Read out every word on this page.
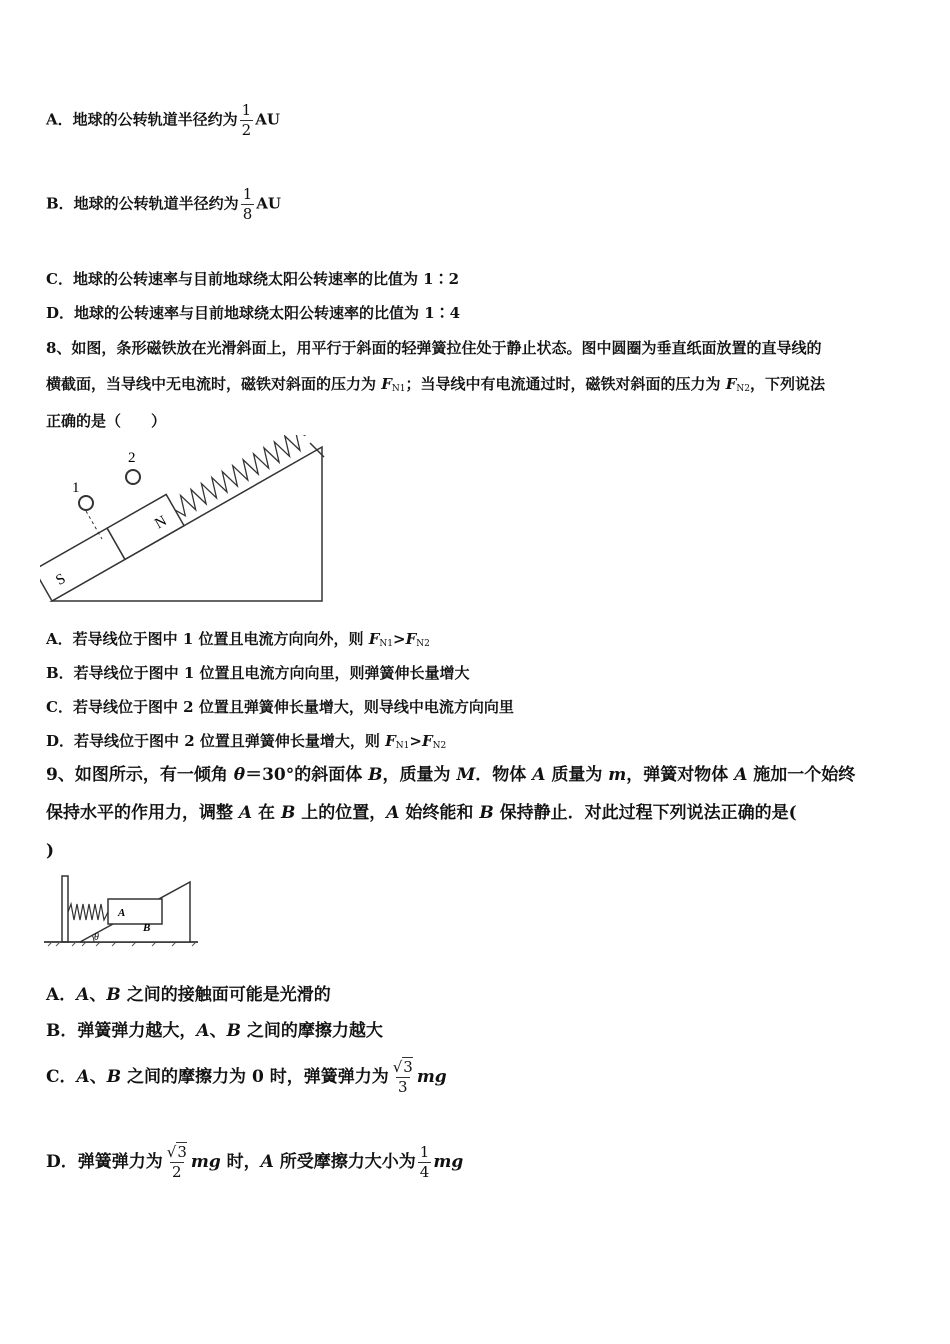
A．地球的公转轨道半径约为 $\frac{1}{2}$ AU
B．地球的公转轨道半径约为 $\frac{1}{8}$ AU
C．地球的公转速率与目前地球绕太阳公转速率的比值为 1∶2
D．地球的公转速率与目前地球绕太阳公转速率的比值为 1∶4
8、如图，条形磁铁放在光滑斜面上，用平行于斜面的轻弹簧拉住处于静止状态。图中圆圈为垂直纸面放置的直导线的
横截面，当导线中无电流时，磁铁对斜面的压力为 $F_{N1}$；当导线中有电流通过时，磁铁对斜面的压力为 $F_{N2}$，下列说法
正确的是（　　）
S
N
1
2
A．若导线位于图中 1 位置且电流方向向外，则 $F_{N1}>F_{N2}$
B．若导线位于图中 1 位置且电流方向向里，则弹簧伸长量增大
C．若导线位于图中 2 位置且弹簧伸长量增大，则导线中电流方向向里
D．若导线位于图中 2 位置且弹簧伸长量增大，则 $F_{N1}>F_{N2}$
9、如图所示，有一倾角 θ＝30°的斜面体 B，质量为 M．物体 A 质量为 m，弹簧对物体 A 施加一个始终
保持水平的作用力，调整 A 在 B 上的位置，A 始终能和 B 保持静止．对此过程下列说法正确的是(
)
A
B
θ
A．A、B 之间的接触面可能是光滑的
B．弹簧弹力越大，A、B 之间的摩擦力越大
C．A、B 之间的摩擦力为 0 时，弹簧弹力为 $\frac{√3}{3}$ mg
D．弹簧弹力为 $\frac{√3}{2}$ mg 时，A 所受摩擦力大小为 $\frac{1}{4}$ mg
